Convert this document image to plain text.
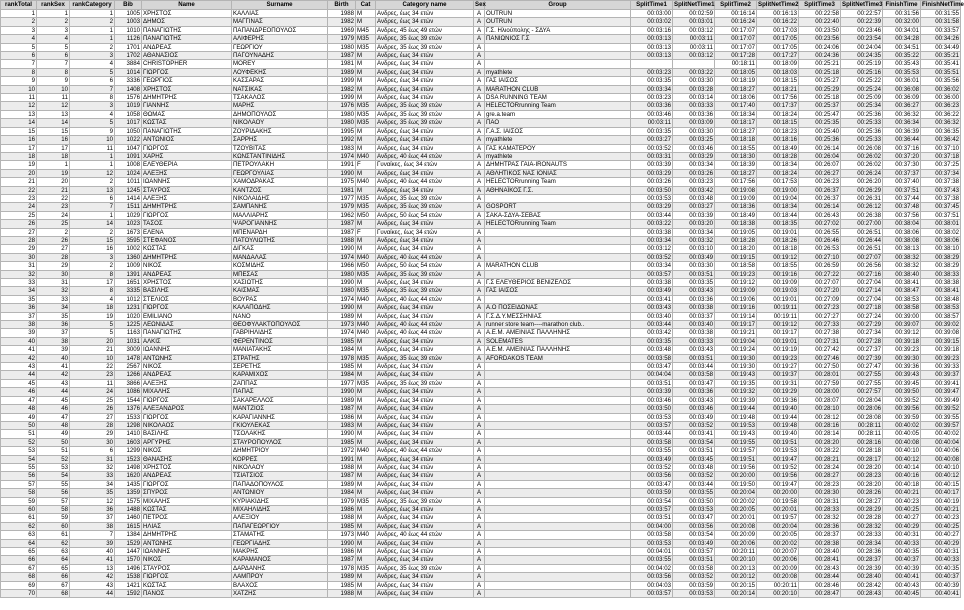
rankTotal	rankSex	rankCategory	Bib	Name	Surname	Birth	Cat	Category name	Sex	Group	SplitTime1	SplitNetTime1	SplitTime2	SplitNetTime2	SplitTime3	SplitNetTime3	FinishTime	FinishNetTime
1	1	1	1005	ΧΡΗΣΤΟΣ	ΚΑΛΛΙΑΣ	1988	M	Ανδρες, έως 34 ετών	A	OUTRUN	00:03:00	00:02:59	00:16:14	00:16:13	00:22:58	00:22:57	00:31:56	00:31:55
2	2	2	1003	ΔΗΜΟΣ	ΜΑΓΓΙΝΑΣ	1982	M	Ανδρες, έως 34 ετών	A	OUTRUN	00:03:02	00:03:01	00:16:24	00:16:22	00:22:40	00:22:39	00:32:00	00:31:58
3	3	1	1010	ΠΑΝΑΓΙΩΤΗΣ	ΠΑΠΑΝΔΡΕΟΠΟΥΛΟΣ	1969	M45	Ανδρες, 45 έως 49 ετών	A	Γ.Σ. Ηλιούπολης - ΣΔΥΑ	00:03:16	00:03:12	00:17:07	00:17:03	00:23:50	00:23:46	00:34:01	00:33:57
4	4	1	1126	ΠΑΝΑΓΙΩΤΗΣ	ΑΛΙΦΕΡΗΣ	1979	M35	Ανδρες, 35 έως 39 ετών	A	ΠΑΝΙΩΝΙΟΣ Γ.Σ	00:03:13	00:03:11	00:17:07	00:17:05	00:23:56	00:23:54	00:34:28	00:34:26
5	5	2	1701	ΑΝΔΡΕΑΣ	ΓΕΩΡΓΙΟΥ	1980	M35	Ανδρες, 35 έως 39 ετών	A		00:03:13	00:03:11	00:17:07	00:17:05	00:24:06	00:24:04	00:34:51	00:34:49
6	6	3	1702	ΑΘΑΝΑΣΙΟΣ	ΠΑΓΟΥΝΑΔΗΣ	1987	M	Ανδρες, έως 34 ετών	A		00:03:13	00:03:12	00:17:28	00:17:27	00:24:36	00:24:35	00:35:22	00:35:21
7	7	4	3884	CHRISTOPHER	MOREY	1981	M	Ανδρες, έως 34 ετών	A				00:18:11	00:18:09	00:25:21	00:25:19	00:35:43	00:35:41
8	8	5	1014	ΓΙΩΡΓΟΣ	ΛΟΥΦΕΚΗΣ	1989	M	Ανδρες, έως 34 ετών	A	myathlete	00:03:23	00:03:22	00:18:05	00:18:03	00:25:18	00:25:16	00:35:53	00:35:51
9	9	6	3336	ΓΕΩΡΓΙΟΣ	ΚΑΣΣΑΡΑΣ	1999	M	Ανδρες, έως 34 ετών	A	ΓΑΣ ΙΑΙΣΟΣ	00:03:35	00:03:30	00:18:19	00:18:15	00:25:27	00:25:22	00:36:01	00:35:56
10	10	7	1408	ΧΡΗΣΤΟΣ	ΝΑΤΣΙΚΑΣ	1982	M	Ανδρες, έως 34 ετών	A	MARATHON CLUB	00:03:34	00:03:28	00:18:27	00:18:21	00:25:29	00:25:24	00:36:08	00:36:02
11	11	8	1576	ΔΗΜΗΤΡΗΣ	ΤΣΑΚΑΛΟΣ	1999	M	Ανδρες, έως 34 ετών	A	DSA RUNNING TEAM	00:03:23	00:03:14	00:18:06	00:17:56	00:25:18	00:25:09	00:36:09	00:36:00
12	12	3	1019	ΓΙΑΝΝΗΣ	ΜΑΡΗΣ	1976	M35	Ανδρες, 35 έως 39 ετών	A	HELECTORrunning Team	00:03:36	00:03:33	00:17:40	00:17:37	00:25:37	00:25:34	00:36:27	00:36:23
13	13	4	1058	ΘΩΜΑΣ	ΔΗΜΟΠΟΥΛΟΣ	1980	M35	Ανδρες, 35 έως 39 ετών	A	gre.a.team	00:03:46	00:03:36	00:18:34	00:18:24	00:25:47	00:25:36	00:36:32	00:36:22
14	14	5	1017	ΚΩΣΤΑΣ	ΝΙΚΟΛΑΟΥ	1980	M35	Ανδρες, 35 έως 39 ετών	A	ΠΑΟ	00:03:11	00:03:09	00:18:17	00:18:15	00:25:35	00:25:33	00:36:34	00:36:32
15	15	9	1050	ΠΑΝΑΓΙΩΤΗΣ	ΖΟΥΡΙΔΑΚΗΣ	1995	M	Ανδρες, έως 34 ετών	A	Γ.Α.Σ. ΙΑΙΣΟΣ	00:03:35	00:03:30	00:18:27	00:18:23	00:25:40	00:25:36	00:36:39	00:36:35
16	16	10	1022	ΑΝΤΩΝΙΟΣ	ΣΑΡΡΗΣ	1992	M	Ανδρες, έως 34 ετών	A	myathlete	00:03:27	00:03:25	00:18:18	00:18:16	00:25:36	00:25:33	00:36:44	00:36:42
17	17	11	1047	ΓΙΩΡΓΟΣ	ΤΖΟΥΒΙΤΑΣ	1983	M	Ανδρες, έως 34 ετών	A	ΓΑΣ ΚΑΜΑΤΕΡΟΥ	00:03:52	00:03:46	00:18:55	00:18:49	00:26:14	00:26:08	00:37:16	00:37:10
18	18	1	1091	ΧΑΡΗΣ	ΚΩΝΣΤΑΝΤΙΝΙΔΗΣ	1974	M40	Ανδρες, 40 έως 44 ετών	A	myathlete	00:03:31	00:03:29	00:18:30	00:18:28	00:26:04	00:26:02	00:37:20	00:37:18
19	1	1	1008	ΕΛΕΥΘΕΡΙΑ	ΠΕΤΡΟΥΛΑΚΗ	1991	F	Γυναίκες, έως 34 ετών	A	ΔΗΜΗΤΡΑΣ ΓΑΙΑ-IRONAUTS	00:03:39	00:03:34	00:18:39	00:18:34	00:26:07	00:26:02	00:37:30	00:37:25
20	19	12	1024	ΑΛΕΞΗΣ	ΓΕΩΡΓΟΥΛΙΑΣ	1990	M	Ανδρες, έως 34 ετών	A	ΑΘΛΗΤΙΚΟΣ ΝΑΣ ΙΟΝΙΑΣ	00:03:29	00:03:26	00:18:27	00:18:24	00:26:27	00:26:24	00:37:37	00:37:34
21	20	2	1011	ΙΩΑΝΝΗΣ	ΧΑΜΟΔΡΑΚΑΣ	1975	M40	Ανδρες, 40 έως 44 ετών	A	HELECTORrunning Team	00:03:26	00:03:23	00:17:56	00:17:53	00:26:23	00:26:20	00:37:40	00:37:38
22	21	13	1245	ΣΤΑΥΡΟΣ	ΚΑΝΤΖΟΣ	1981	M	Ανδρες, έως 34 ετών	A	ΑΘΗΝΑΪΚΟΣ Γ.Σ.	00:03:50	00:03:42	00:19:08	00:19:00	00:26:37	00:26:29	00:37:51	00:37:43
23	22	6	1414	ΑΛΕΞΗΣ	ΝΙΚΟΛΑΙΔΗΣ	1977	M35	Ανδρες, 35 έως 39 ετών	A		00:03:53	00:03:48	00:19:09	00:19:04	00:26:37	00:26:31	00:37:44	00:37:38
24	23	7	1511	ΔΗΜΗΤΡΗΣ	ΣΑΜΠΑΝΗΣ	1979	M35	Ανδρες, 35 έως 39 ετών	A	GOSPORT	00:03:29	00:03:27	00:18:36	00:18:34	00:26:14	00:26:12	00:37:48	00:37:45
25	24	1	1029	ΓΙΩΡΓΟΣ	ΜΑΛΛΙΑΡΗΣ	1962	M50	Ανδρες, 50 έως 54 ετών	A	ΣΑΚΑ-ΣΔΥΑ-ΣΕΒΑΣ	00:03:44	00:03:39	00:18:49	00:18:44	00:26:43	00:26:38	00:37:56	00:37:51
26	25	14	1023	ΤΑΣΟΣ	ΨΑΡΟΓΙΑΝΝΗΣ	1987	M	Ανδρες, έως 34 ετών	A	HELECTORrunning Team	00:03:22	00:03:20	00:18:38	00:18:35	00:27:02	00:27:00	00:38:04	00:38:01
27	2	2	1673	ΕΛΕΝΑ	ΜΠΕΝΑΡΔΗ	1987	F	Γυναίκες, έως 34 ετών	A		00:03:38	00:03:34	00:19:05	00:19:01	00:26:55	00:26:51	00:38:06	00:38:02
28	26	15	3595	ΣΤΕΦΑΝΟΣ	ΠΑΤΟΥΛΙΩΤΗΣ	1988	M	Ανδρες, έως 34 ετών	A		00:03:34	00:03:32	00:18:28	00:18:26	00:26:46	00:26:44	00:38:08	00:38:06
29	27	16	1002	ΚΩΣΤΑΣ	ΔΙΓΚΑΣ	1990	M	Ανδρες, έως 34 ετών	A		00:03:12	00:03:10	00:18:20	00:18:18	00:26:53	00:26:51	00:38:13	00:38:10
30	28	3	1360	ΔΗΜΗΤΡΗΣ	ΜΑΝΔΑΛΑΣ	1974	M40	Ανδρες, 40 έως 44 ετών	A		00:03:52	00:03:49	00:19:15	00:19:12	00:27:10	00:27:07	00:38:32	00:38:29
31	29	2	1009	ΝΙΚΟΣ	ΚΟΣΜΙΔΗΣ	1966	M50	Ανδρες, 50 έως 54 ετών	A	MARATHON CLUB	00:03:34	00:03:30	00:18:58	00:18:55	00:26:59	00:26:56	00:38:32	00:38:29
32	30	8	1391	ΑΝΔΡΕΑΣ	ΜΠΕΣΑΣ	1980	M35	Ανδρες, 35 έως 39 ετών	A		00:03:57	00:03:51	00:19:23	00:19:16	00:27:22	00:27:16	00:38:40	00:38:33
33	31	17	1651	ΧΡΗΣΤΟΣ	ΧΑΣΙΩΤΗΣ	1990	M	Ανδρες, έως 34 ετών	A	Γ.Σ ΕΛΕΥΘΕΡΙΟΣ ΒΕΝΙΖΕΛΟΣ	00:03:38	00:03:35	00:19:12	00:19:09	00:27:07	00:27:04	00:38:41	00:38:38
34	32	8	3335	ΒΑΣΙΛΗΣ	ΚΑΙΣΜΑΣ	1980	M35	Ανδρες, 35 έως 39 ετών	A	ΓΑΣ ΙΑΙΣΟΣ	00:03:49	00:03:43	00:19:09	00:19:03	00:27:20	00:27:14	00:38:47	00:38:41
35	33	4	1012	ΣΤΕΛΙΟΣ	ΒΟΥΡΑΣ	1974	M40	Ανδρες, 40 έως 44 ετών	A		00:03:41	00:03:36	00:19:06	00:19:01	00:27:09	00:27:04	00:38:53	00:38:48
36	34	18	1231	ΓΙΩΡΓΟΣ	ΚΑΛΑΠΟΔΗΣ	1990	M	Ανδρες, έως 34 ετών	A	Α.Ο ΠΟΣΕΙΔΩΝΑΣ	00:03:43	00:03:38	00:19:16	00:19:11	00:27:23	00:27:18	00:38:58	00:38:53
37	35	19	1020	EMILIANO	ΝΑΝΟ	1989	M	Ανδρες, έως 34 ετών	A	Γ.Σ.Δ.Υ.ΜΕΣΣΗΝΙΑΣ	00:03:40	00:03:37	00:19:14	00:19:11	00:27:27	00:27:24	00:39:00	00:38:57
38	36	5	1225	ΛΕΩΝΙΔΑΣ	ΘΕΟΦΥΛΑΚΤΟΠΟΥΛΟΣ	1973	M40	Ανδρες, 40 έως 44 ετών	A	runner store team----marathon club..	00:03:44	00:03:40	00:19:17	00:19:12	00:27:33	00:27:29	00:39:07	00:39:02
39	37	5	1163	ΠΑΝΑΓΙΩΤΗΣ	ΓΑΒΡΙΗΛΙΔΗΣ	1974	M40	Ανδρες, 40 έως 44 ετών	A	A.E.M. ΑΜΕΙΝΙΑΣ ΠΑΛΛΗΝΗΣ	00:03:42	00:03:38	00:19:21	00:19:17	00:27:38	00:27:34	00:39:12	00:39:08
40	38	20	1031	ΑΛΚΙΣ	ΦΕΡΕΝΤΙΝΟΣ	1985	M	Ανδρες, έως 34 ετών	A	SOLEMATES	00:03:35	00:03:33	00:19:04	00:19:01	00:27:31	00:27:28	00:39:18	00:39:15
41	39	21	3009	ΙΩΑΝΝΗΣ	ΜΑΝΙΑΤΑΚΗΣ	1984	M	Ανδρες, έως 34 ετών	A	A.E.M. ΑΜΕΙΝΙΑΣ ΠΑΛΛΗΝΗΣ	00:03:48	00:03:43	00:19:24	00:19:19	00:27:42	00:27:37	00:39:23	00:39:18
42	40	10	1478	ΑΝΤΩΝΗΣ	ΣΤΡΑΤΗΣ	1978	M35	Ανδρες, 35 έως 39 ετών	A	AFORDAKOS TEAM	00:03:58	00:03:51	00:19:30	00:19:23	00:27:46	00:27:39	00:39:30	00:39:23
43	41	22	2567	ΝΙΚΟΣ	ΣΕΡΕΤΗΣ	1985	M	Ανδρες, έως 34 ετών	A		00:03:47	00:03:44	00:19:30	00:19:27	00:27:50	00:27:47	00:39:36	00:39:33
44	42	23	1266	ΑΝΔΡΕΑΣ	ΚΑΡΑΜΙΧΟΣ	1984	M	Ανδρες, έως 34 ετών	A		00:04:04	00:03:58	00:19:43	00:19:37	00:28:01	00:27:55	00:39:43	00:39:37
45	43	11	3866	ΑΛΕΞΗΣ	ΖΑΠΠΑΣ	1977	M35	Ανδρες, 35 έως 39 ετών	A		00:03:51	00:03:47	00:19:35	00:19:31	00:27:59	00:27:55	00:39:45	00:39:41
46	44	24	1086	ΜΙΧΑΛΗΣ	ΠΑΠΑΣ	1990	M	Ανδρες, έως 34 ετών	A		00:03:39	00:03:36	00:19:32	00:19:29	00:28:00	00:27:57	00:39:50	00:39:47
47	45	25	1544	ΓΙΩΡΓΟΣ	ΣΑΚΑΡΕΛΛΟΣ	1989	M	Ανδρες, έως 34 ετών	A		00:03:46	00:03:43	00:19:39	00:19:36	00:28:07	00:28:04	00:39:52	00:39:49
48	46	26	1376	ΑΛΕΞΑΝΔΡΟΣ	ΜΑΝΤΖΙΟΣ	1987	M	Ανδρες, έως 34 ετών	A		00:03:50	00:03:46	00:19:44	00:19:40	00:28:10	00:28:06	00:39:56	00:39:52
49	47	27	1533	ΓΙΩΡΓΟΣ	ΚΑΡΑΓΙΑΝΝΗΣ	1986	M	Ανδρες, έως 34 ετών	A		00:03:53	00:03:49	00:19:48	00:19:44	00:28:12	00:28:08	00:39:59	00:39:55
50	48	28	1298	ΝΙΚΟΛΑΟΣ	ΓΚΙΟΥΛΕΚΑΣ	1983	M	Ανδρες, έως 34 ετών	A		00:03:57	00:03:52	00:19:53	00:19:48	00:28:16	00:28:11	00:40:02	00:39:57
51	49	29	1410	ΒΑΣΙΛΗΣ	ΤΣΟΛΑΚΗΣ	1990	M	Ανδρες, έως 34 ετών	A		00:03:44	00:03:41	00:19:43	00:19:40	00:28:14	00:28:11	00:40:05	00:40:02
52	50	30	1603	ΑΡΓΥΡΗΣ	ΣΤΑΥΡΟΠΟΥΛΟΣ	1985	M	Ανδρες, έως 34 ετών	A		00:03:58	00:03:54	00:19:55	00:19:51	00:28:20	00:28:16	00:40:08	00:40:04
53	51	6	1299	ΝΙΚΟΣ	ΔΗΜΗΤΡΙΟΥ	1972	M40	Ανδρες, 40 έως 44 ετών	A		00:03:55	00:03:51	00:19:57	00:19:53	00:28:22	00:28:18	00:40:10	00:40:06
54	52	31	1523	ΘΑΝΑΣΗΣ	ΚΟΡΡΕΣ	1991	M	Ανδρες, έως 34 ετών	A		00:03:49	00:03:45	00:19:51	00:19:47	00:28:21	00:28:17	00:40:12	00:40:08
55	53	32	1498	ΧΡΗΣΤΟΣ	ΝΙΚΟΛΑΟΥ	1988	M	Ανδρες, έως 34 ετών	A		00:03:52	00:03:48	00:19:56	00:19:52	00:28:24	00:28:20	00:40:14	00:40:10
56	54	33	1620	ΑΝΔΡΕΑΣ	ΤΣΙΑΤΣΙΟΣ	1987	M	Ανδρες, έως 34 ετών	A		00:03:56	00:03:52	00:20:00	00:19:56	00:28:27	00:28:23	00:40:16	00:40:12
57	55	34	1435	ΓΙΩΡΓΟΣ	ΠΑΠΑΔΟΠΟΥΛΟΣ	1989	M	Ανδρες, έως 34 ετών	A		00:03:47	00:03:44	00:19:50	00:19:47	00:28:23	00:28:20	00:40:18	00:40:15
58	56	35	1359	ΣΠΥΡΟΣ	ΑΝΤΩΝΙΟΥ	1984	M	Ανδρες, έως 34 ετών	A		00:03:59	00:03:55	00:20:04	00:20:00	00:28:30	00:28:26	00:40:21	00:40:17
59	57	12	1575	ΜΙΧΑΛΗΣ	ΚΥΡΙΑΚΙΔΗΣ	1979	M35	Ανδρες, 35 έως 39 ετών	A		00:03:54	00:03:50	00:20:02	00:19:58	00:28:31	00:28:27	00:40:23	00:40:19
60	58	36	1488	ΚΩΣΤΑΣ	ΜΙΧΑΗΛΙΔΗΣ	1986	M	Ανδρες, έως 34 ετών	A		00:03:57	00:03:53	00:20:05	00:20:01	00:28:33	00:28:29	00:40:25	00:40:21
61	59	37	1460	ΠΕΤΡΟΣ	ΑΛΕΞΙΟΥ	1988	M	Ανδρες, έως 34 ετών	A		00:03:51	00:03:47	00:20:01	00:19:57	00:28:32	00:28:28	00:40:27	00:40:23
62	60	38	1615	ΗΛΙΑΣ	ΠΑΠΑΓΕΩΡΓΙΟΥ	1985	M	Ανδρες, έως 34 ετών	A		00:04:00	00:03:56	00:20:08	00:20:04	00:28:36	00:28:32	00:40:29	00:40:25
63	61	7	1384	ΔΗΜΗΤΡΗΣ	ΣΤΑΜΑΤΗΣ	1973	M40	Ανδρες, 40 έως 44 ετών	A		00:03:58	00:03:54	00:20:09	00:20:05	00:28:37	00:28:33	00:40:31	00:40:27
64	62	39	1529	ΑΝΤΩΝΗΣ	ΓΕΩΡΓΙΑΔΗΣ	1990	M	Ανδρες, έως 34 ετών	A		00:03:53	00:03:49	00:20:06	00:20:02	00:28:38	00:28:34	00:40:33	00:40:29
65	63	40	1447	ΙΩΑΝΝΗΣ	ΜΑΚΡΗΣ	1986	M	Ανδρες, έως 34 ετών	A		00:04:01	00:03:57	00:20:11	00:20:07	00:28:40	00:28:36	00:40:35	00:40:31
66	64	41	1570	ΝΙΚΟΣ	ΚΑΡΑΜΑΝΟΣ	1987	M	Ανδρες, έως 34 ετών	A		00:03:55	00:03:51	00:20:10	00:20:06	00:28:41	00:28:37	00:40:37	00:40:33
67	65	13	1496	ΣΤΑΥΡΟΣ	ΔΑΡΔΑΝΗΣ	1978	M35	Ανδρες, 35 έως 39 ετών	A		00:04:02	00:03:58	00:20:13	00:20:09	00:28:43	00:28:39	00:40:39	00:40:35
68	66	42	1538	ΓΙΩΡΓΟΣ	ΛΑΜΠΡΟΥ	1989	M	Ανδρες, έως 34 ετών	A		00:03:56	00:03:52	00:20:12	00:20:08	00:28:44	00:28:40	00:40:41	00:40:37
69	67	43	1421	ΚΩΣΤΑΣ	ΒΛΑΧΟΣ	1985	M	Ανδρες, έως 34 ετών	A		00:04:03	00:03:59	00:20:15	00:20:11	00:28:46	00:28:42	00:40:43	00:40:39
70	68	44	1592	ΠΑΝΟΣ	ΧΑΤΖΗΣ	1988	M	Ανδρες, έως 34 ετών	A		00:03:57	00:03:53	00:20:14	00:20:10	00:28:47	00:28:43	00:40:45	00:40:41
